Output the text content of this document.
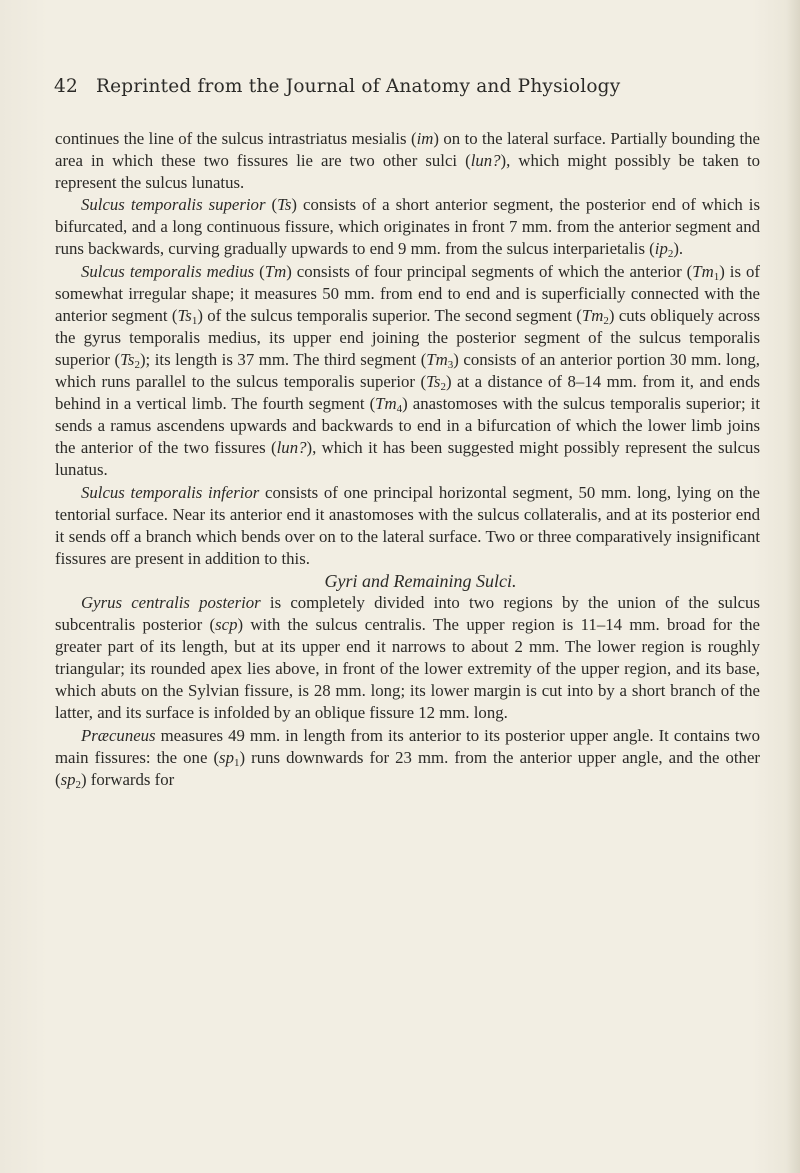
42 Reprinted from the Journal of Anatomy and Physiology

continues the line of the sulcus intrastriatus mesialis (im) on to the lateral surface. Partially bounding the area in which these two fissures lie are two other sulci (lun?), which might possibly be taken to represent the sulcus lunatus.

Sulcus temporalis superior (Ts) consists of a short anterior segment, the posterior end of which is bifurcated, and a long continuous fissure, which originates in front 7 mm. from the anterior segment and runs backwards, curving gradually upwards to end 9 mm. from the sulcus interparietalis $(ip_2)$.

Sulcus temporalis medius (Tm) consists of four principal segments of which the anterior $(Tm_1)$ is of somewhat irregular shape; it measures 50 mm. from end to end and is superficially connected with the anterior segment $(Ts_1)$ of the sulcus temporalis superior. The second segment $(Tm_2)$ cuts obliquely across the gyrus temporalis medius, its upper end joining the posterior segment of the sulcus temporalis superior $(Ts_2)$; its length is 37 mm. The third segment $(Tm_3)$ consists of an anterior portion 30 mm. long, which runs parallel to the sulcus temporalis superior $(Ts_2)$ at a distance of 8–14 mm. from it, and ends behind in a vertical limb. The fourth segment $(Tm_4)$ anastomoses with the sulcus temporalis superior; it sends a ramus ascendens upwards and backwards to end in a bifurcation of which the lower limb joins the anterior of the two fissures (lun?), which it has been suggested might possibly represent the sulcus lunatus.

Sulcus temporalis inferior consists of one principal horizontal segment, 50 mm. long, lying on the tentorial surface. Near its anterior end it anastomoses with the sulcus collateralis, and at its posterior end it sends off a branch which bends over on to the lateral surface. Two or three comparatively insignificant fissures are present in addition to this.

Gyri and Remaining Sulci.

Gyrus centralis posterior is completely divided into two regions by the union of the sulcus subcentralis posterior (scp) with the sulcus centralis. The upper region is 11–14 mm. broad for the greater part of its length, but at its upper end it narrows to about 2 mm. The lower region is roughly triangular; its rounded apex lies above, in front of the lower extremity of the upper region, and its base, which abuts on the Sylvian fissure, is 28 mm. long; its lower margin is cut into by a short branch of the latter, and its surface is infolded by an oblique fissure 12 mm. long.

Præcuneus measures 49 mm. in length from its anterior to its posterior upper angle. It contains two main fissures: the one $(sp_1)$ runs downwards for 23 mm. from the anterior upper angle, and the other $(sp_2)$ forwards for
